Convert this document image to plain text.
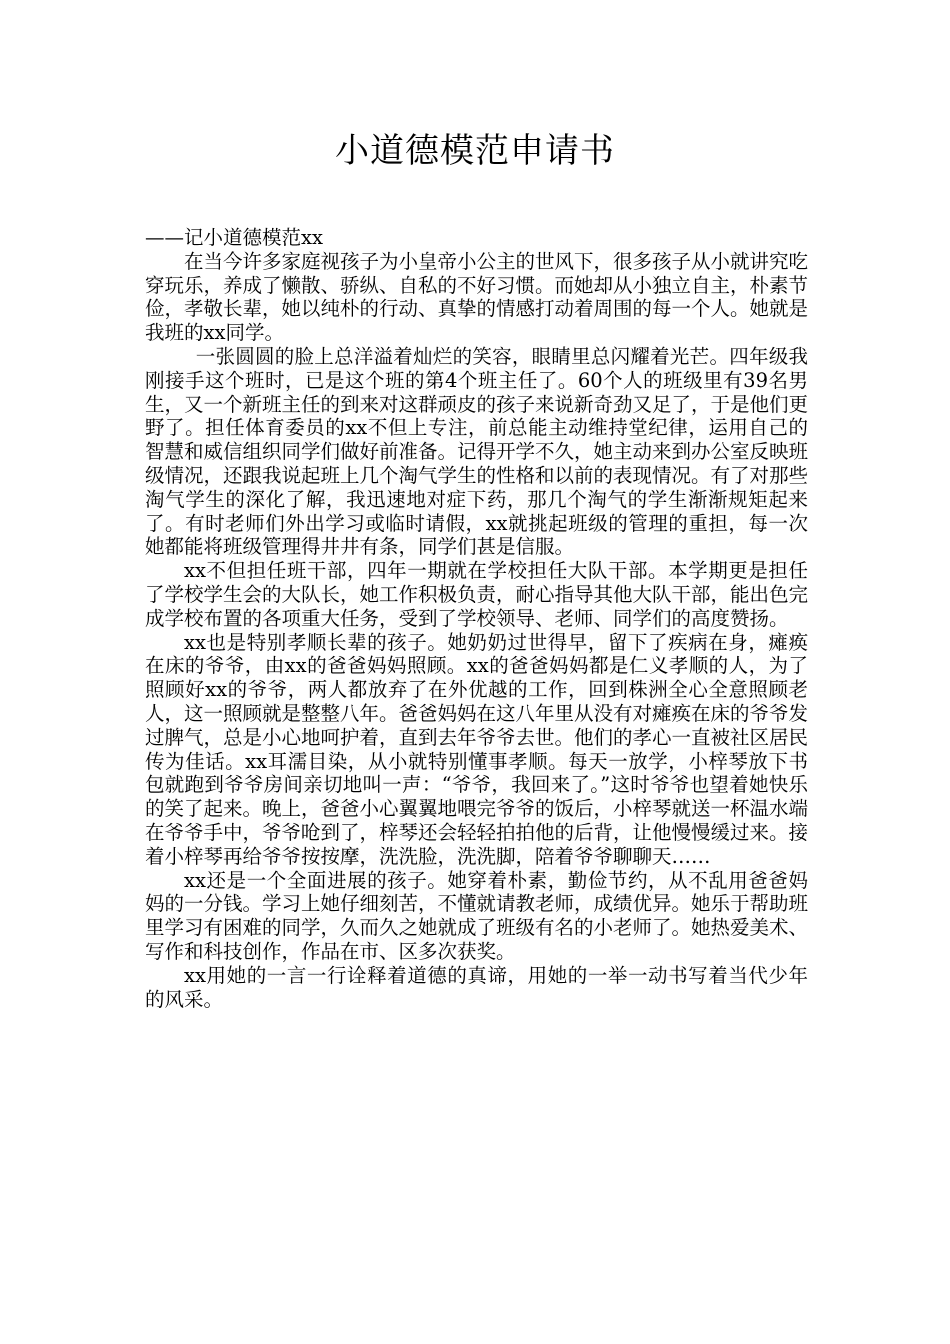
小道德模范申请书

——记小道德模范xx

在当今许多家庭视孩子为小皇帝小公主的世风下，很多孩子从小就讲究吃穿玩乐，养成了懒散、骄纵、自私的不好习惯。而她却从小独立自主，朴素节俭，孝敬长辈，她以纯朴的行动、真挚的情感打动着周围的每一个人。她就是我班的xx同学。

一张圆圆的脸上总洋溢着灿烂的笑容，眼睛里总闪耀着光芒。四年级我刚接手这个班时，已是这个班的第4个班主任了。60个人的班级里有39名男生，又一个新班主任的到来对这群顽皮的孩子来说新奇劲又足了，于是他们更野了。担任体育委员的xx不但上专注，前总能主动维持堂纪律，运用自己的智慧和威信组织同学们做好前准备。记得开学不久，她主动来到办公室反映班级情况，还跟我说起班上几个淘气学生的性格和以前的表现情况。有了对那些淘气学生的深化了解，我迅速地对症下药，那几个淘气的学生渐渐规矩起来了。有时老师们外出学习或临时请假，xx就挑起班级的管理的重担，每一次她都能将班级管理得井井有条，同学们甚是信服。

xx不但担任班干部，四年一期就在学校担任大队干部。本学期更是担任了学校学生会的大队长，她工作积极负责，耐心指导其他大队干部，能出色完成学校布置的各项重大任务，受到了学校领导、老师、同学们的高度赞扬。

xx也是特别孝顺长辈的孩子。她奶奶过世得早，留下了疾病在身，瘫痪在床的爷爷，由xx的爸爸妈妈照顾。xx的爸爸妈妈都是仁义孝顺的人，为了照顾好xx的爷爷，两人都放弃了在外优越的工作，回到株洲全心全意照顾老人，这一照顾就是整整八年。爸爸妈妈在这八年里从没有对瘫痪在床的爷爷发过脾气，总是小心地呵护着，直到去年爷爷去世。他们的孝心一直被社区居民传为佳话。xx耳濡目染，从小就特别懂事孝顺。每天一放学，小梓琴放下书包就跑到爷爷房间亲切地叫一声：“爷爷，我回来了。”这时爷爷也望着她快乐的笑了起来。晚上，爸爸小心翼翼地喂完爷爷的饭后，小梓琴就送一杯温水端在爷爷手中，爷爷呛到了，梓琴还会轻轻拍拍他的后背，让他慢慢缓过来。接着小梓琴再给爷爷按按摩，洗洗脸，洗洗脚，陪着爷爷聊聊天……

xx还是一个全面进展的孩子。她穿着朴素，勤俭节约，从不乱用爸爸妈妈的一分钱。学习上她仔细刻苦，不懂就请教老师，成绩优异。她乐于帮助班里学习有困难的同学，久而久之她就成了班级有名的小老师了。她热爱美术、写作和科技创作，作品在市、区多次获奖。

xx用她的一言一行诠释着道德的真谛，用她的一举一动书写着当代少年的风采。
